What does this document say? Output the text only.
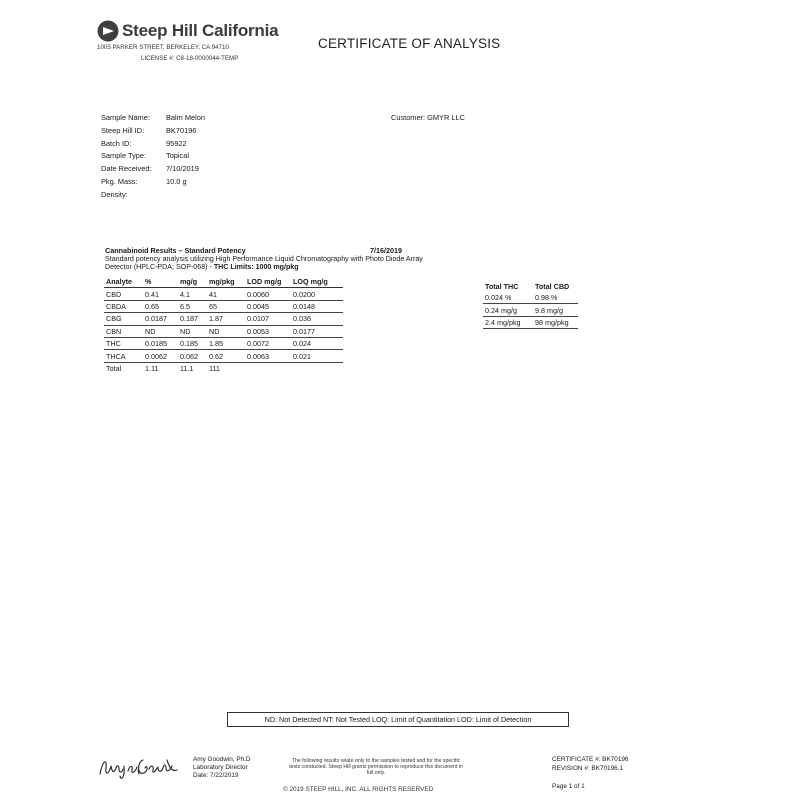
Steep Hill California
1005 PARKER STREET, BERKELEY, CA 94710
LICENSE #: C8-18-0000044-TEMP
CERTIFICATE OF ANALYSIS
Sample Name:	Balm Melon
Steep Hill ID:	BK70196
Batch ID:	95922
Sample Type:	Topical
Date Received:	7/10/2019
Pkg. Mass:	10.0 g
Density:
Customer: GMYR LLC
Cannabinoid Results – Standard Potency	7/16/2019
Standard potency analysis utilizing High Performance Liquid Chromatography with Photo Diode Array Detector (HPLC-PDA; SOP-068) - THC Limits: 1000 mg/pkg
Analyte	%	mg/g	mg/pkg	LOD mg/g	LOQ mg/g
CBD	0.41	4.1	41	0.0060	0.0200
CBDA	0.65	6.5	65	0.0045	0.0148
CBG	0.0187	0.187	1.87	0.0107	0.036
CBN	ND	ND	ND	0.0053	0.0177
THC	0.0185	0.185	1.85	0.0072	0.024
THCA	0.0062	0.062	0.62	0.0063	0.021
Total	1.11	11.1	111		
Total THC	Total CBD
0.024 %	0.98 %
0.24 mg/g	9.8 mg/g
2.4 mg/pkg	98 mg/pkg
ND: Not Detected NT: Not Tested LOQ: Limit of Quantitation LOD: Limit of Detection
Amy Goodwin, Ph.D
Laboratory Director
Date: 7/22/2019
The following results relate only to the samples tested and for the specific tests conducted. Steep Hill grants permission to reproduce this document in full only.
© 2019 STEEP HILL, INC. ALL RIGHTS RESERVED
CERTIFICATE #: BK70196
REVISION #: BK70196.1
Page 1 of 1
